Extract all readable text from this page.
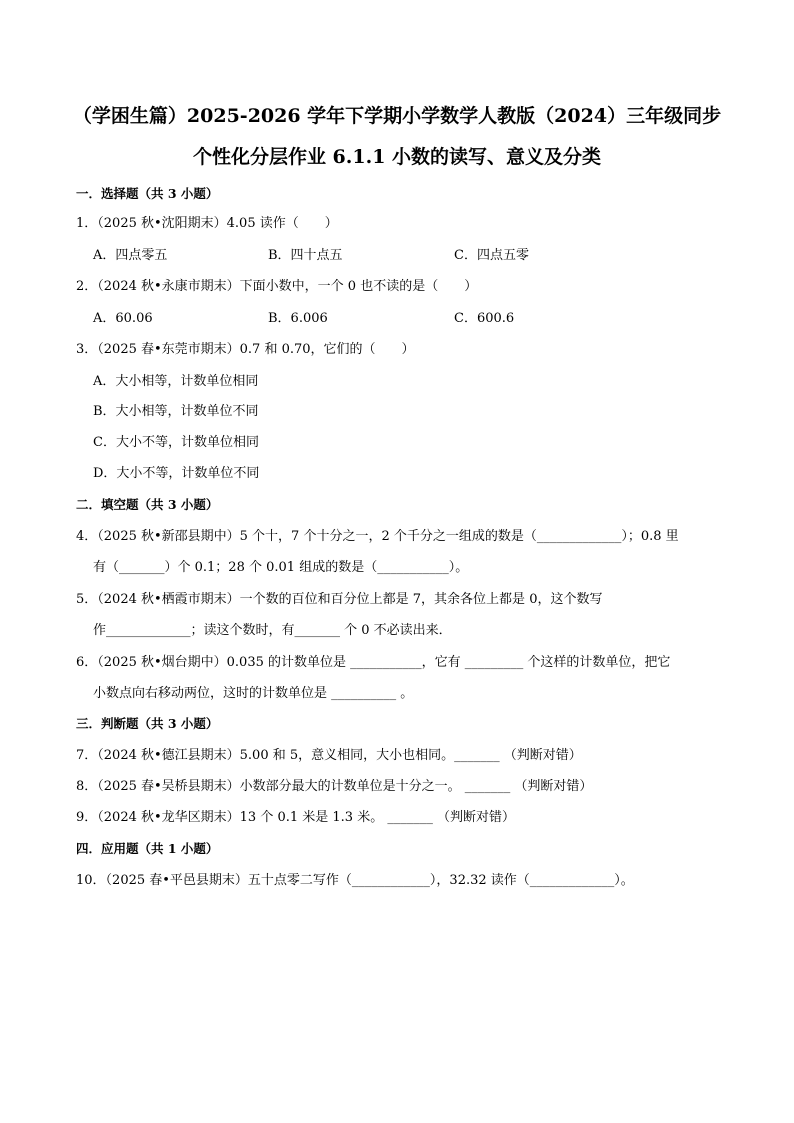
（学困生篇）2025-2026 学年下学期小学数学人教版（2024）三年级同步
个性化分层作业 6.1.1 小数的读写、意义及分类
一．选择题（共 3 小题）
1．（2025 秋•沈阳期末）4.05 读作（　　）
A．四点零五	B．四十点五	C．四点五零
2．（2024 秋•永康市期末）下面小数中，一个 0 也不读的是（　　）
A．60.06	B．6.006	C．600.6
3．（2025 春•东莞市期末）0.7 和 0.70，它们的（　　）
A．大小相等，计数单位相同
B．大小相等，计数单位不同
C．大小不等，计数单位相同
D．大小不等，计数单位不同
二．填空题（共 3 小题）
4．（2025 秋•新邵县期中）5 个十，7 个十分之一，2 个千分之一组成的数是（_____________）；0.8 里
有（_______）个 0.1；28 个 0.01 组成的数是（___________）。
5．（2024 秋•栖霞市期末）一个数的百位和百分位上都是 7，其余各位上都是 0，这个数写
作_____________；读这个数时，有_______ 个 0 不必读出来．
6．（2025 秋•烟台期中）0.035 的计数单位是 ___________，它有 _________ 个这样的计数单位，把它
小数点向右移动两位，这时的计数单位是 __________ 。
三．判断题（共 3 小题）
7．（2024 秋•德江县期末）5.00 和 5，意义相同，大小也相同。_______ （判断对错）
8．（2025 春•吴桥县期末）小数部分最大的计数单位是十分之一。 _______ （判断对错）
9．（2024 秋•龙华区期末）13 个 0.1 米是 1.3 米。 _______ （判断对错）
四．应用题（共 1 小题）
10．（2025 春•平邑县期末）五十点零二写作（____________），32.32 读作（_____________）。
